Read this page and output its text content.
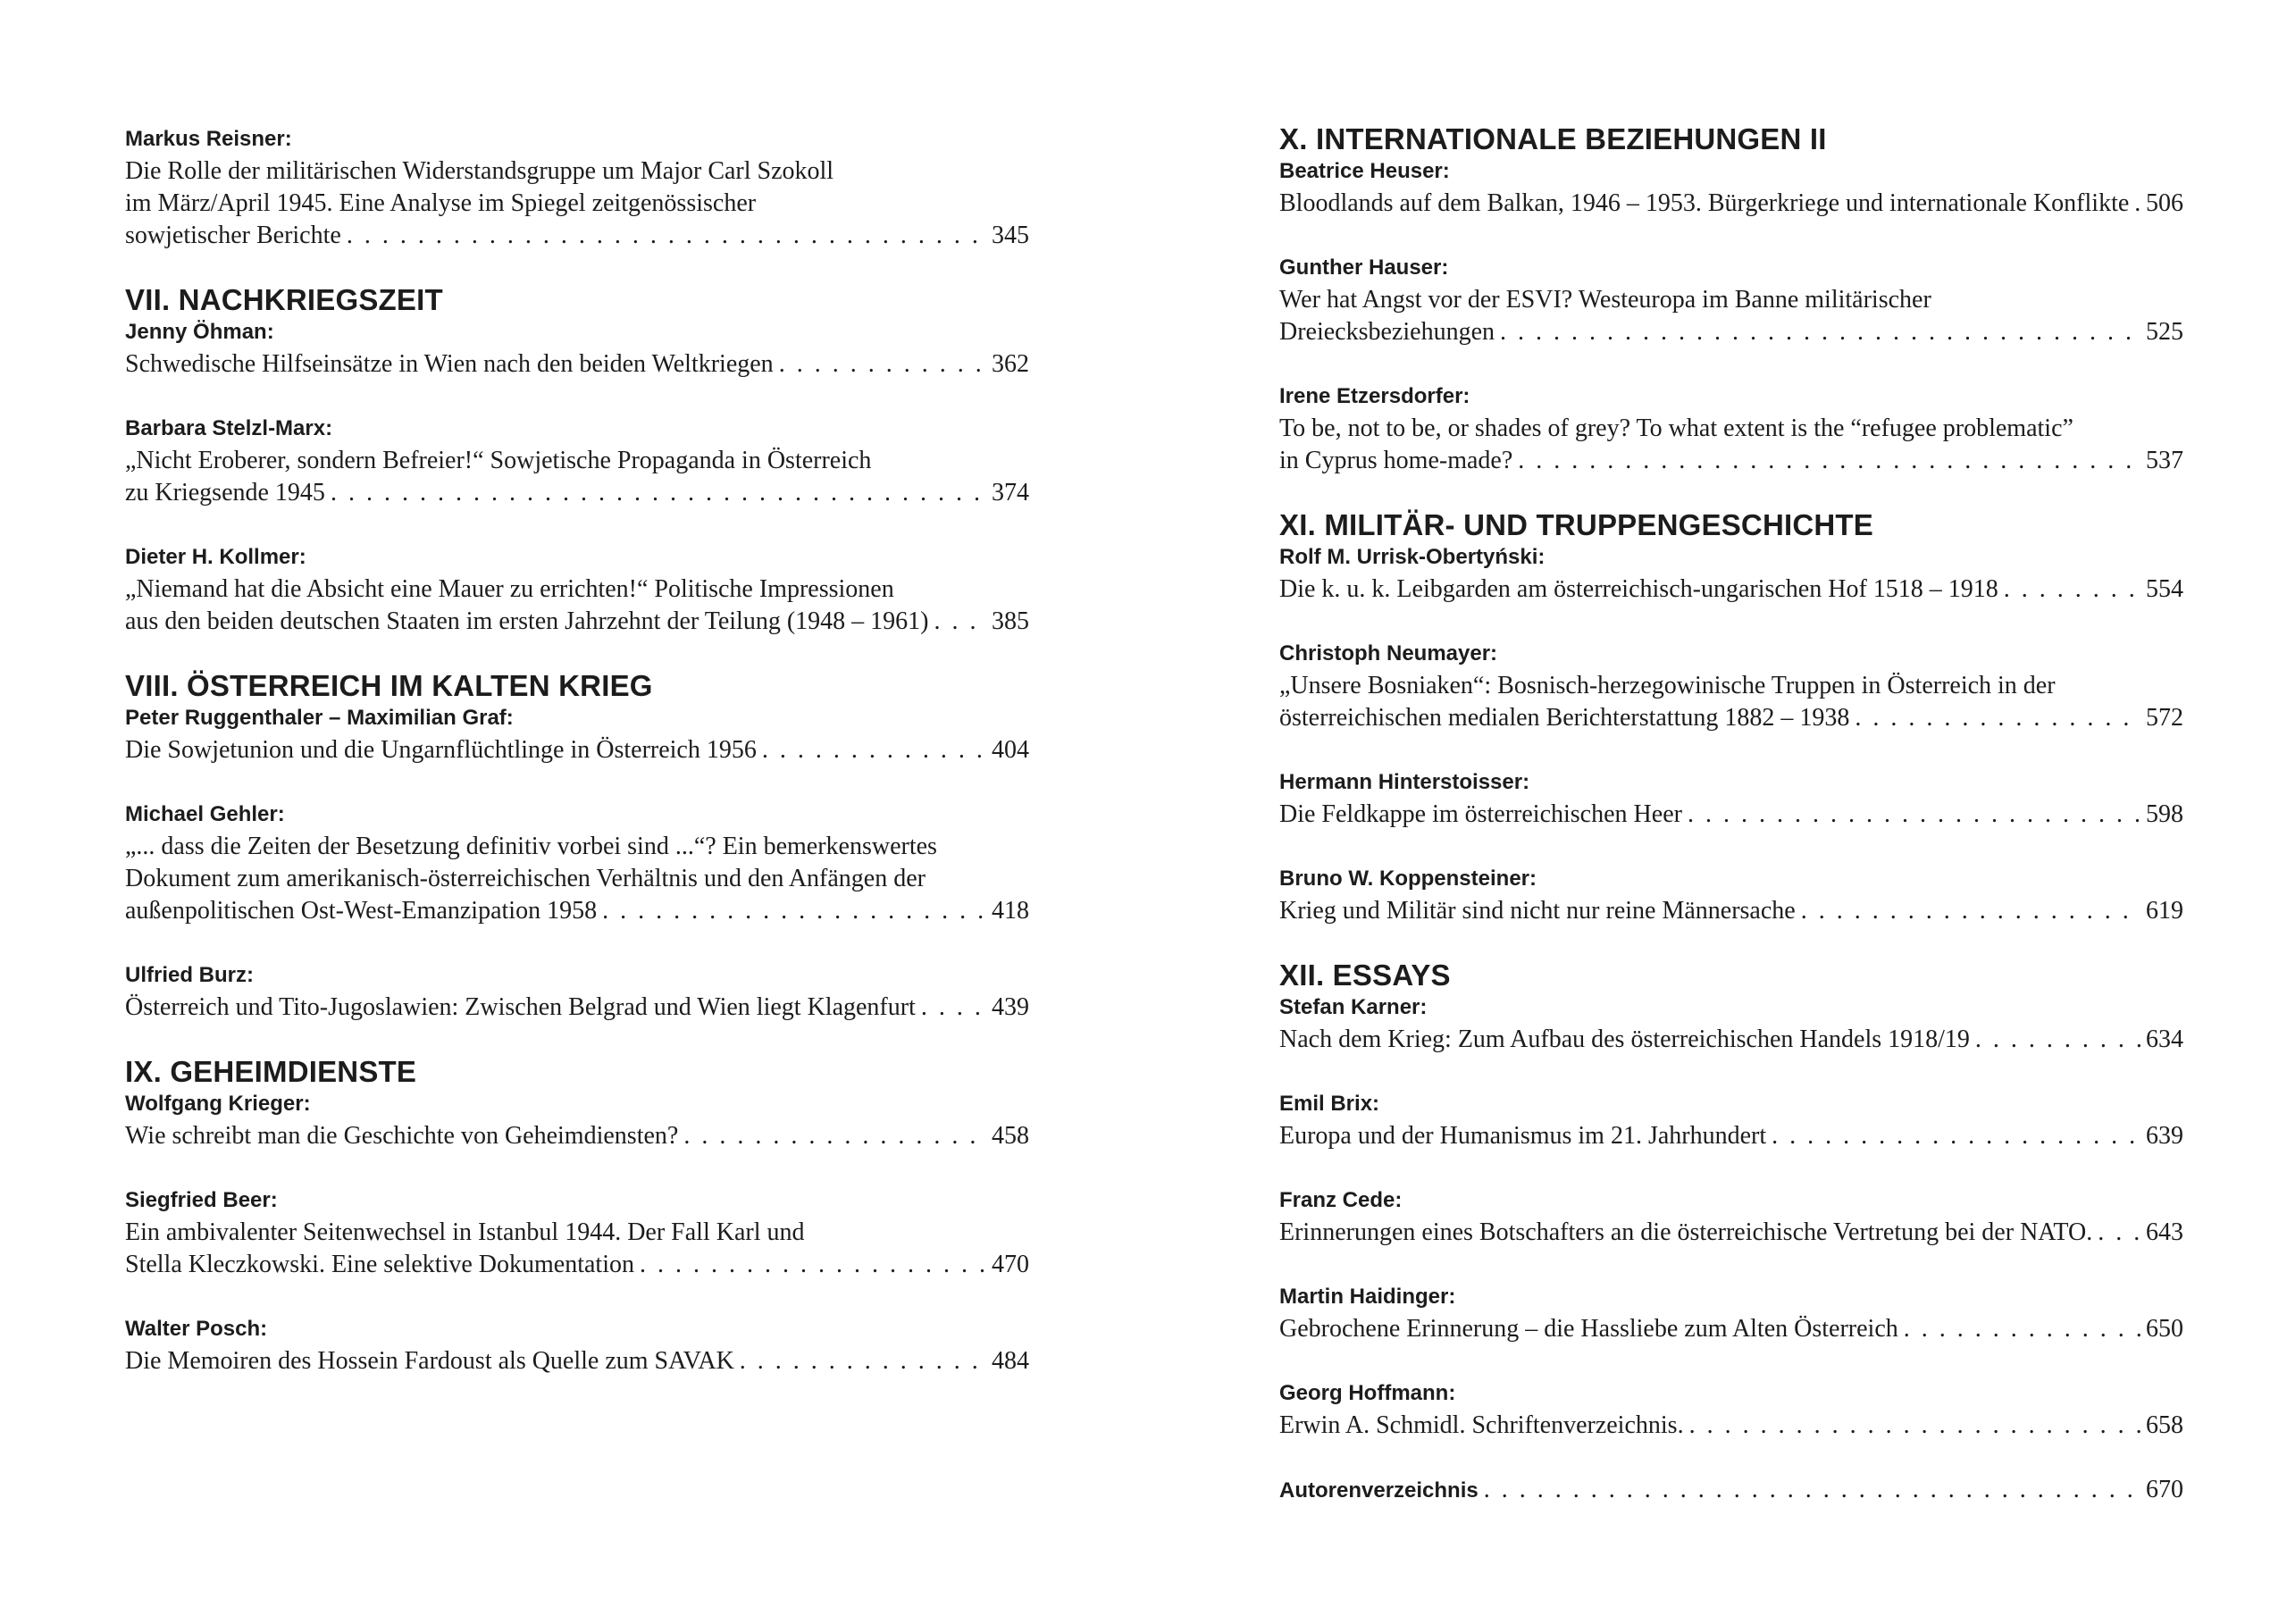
Markus Reisner:
Die Rolle der militärischen Widerstandsgruppe um Major Carl Szokoll
im März/April 1945. Eine Analyse im Spiegel zeitgenössischer
sowjetischer Berichte . . .	345
VII. NACHKRIEGSZEIT
Jenny Öhman:
Schwedische Hilfseinsätze in Wien nach den beiden Weltkriegen . . .	362
Barbara Stelzl-Marx:
„Nicht Eroberer, sondern Befreier!“ Sowjetische Propaganda in Österreich
zu Kriegsende 1945 . . .	374
Dieter H. Kollmer:
„Niemand hat die Absicht eine Mauer zu errichten!“ Politische Impressionen
aus den beiden deutschen Staaten im ersten Jahrzehnt der Teilung (1948 – 1961) . . .	385
VIII. ÖSTERREICH IM KALTEN KRIEG
Peter Ruggenthaler – Maximilian Graf:
Die Sowjetunion und die Ungarnflüchtlinge in Österreich 1956 . . .	404
Michael Gehler:
„... dass die Zeiten der Besetzung definitiv vorbei sind ...“? Ein bemerkenswertes
Dokument zum amerikanisch-österreichischen Verhältnis und den Anfängen der
außenpolitischen Ost-West-Emanzipation 1958 . . .	418
Ulfried Burz:
Österreich und Tito-Jugoslawien: Zwischen Belgrad und Wien liegt Klagenfurt . . .	439
IX. GEHEIMDIENSTE
Wolfgang Krieger:
Wie schreibt man die Geschichte von Geheimdiensten? . . .	458
Siegfried Beer:
Ein ambivalenter Seitenwechsel in Istanbul 1944. Der Fall Karl und
Stella Kleczkowski. Eine selektive Dokumentation . . .	470
Walter Posch:
Die Memoiren des Hossein Fardoust als Quelle zum SAVAK . . .	484
X. INTERNATIONALE BEZIEHUNGEN II
Beatrice Heuser:
Bloodlands auf dem Balkan, 1946 – 1953. Bürgerkriege und internationale Konflikte . . . 506
Gunther Hauser:
Wer hat Angst vor der ESVI? Westeuropa im Banne militärischer
Dreiecksbeziehungen . . .	525
Irene Etzersdorfer:
To be, not to be, or shades of grey? To what extent is the “refugee problematic”
in Cyprus home-made? . . .	537
XI. MILITÄR- UND TRUPPENGESCHICHTE
Rolf M. Urrisk-Obertyński:
Die k. u. k. Leibgarden am österreichisch-ungarischen Hof 1518 – 1918 . . .	554
Christoph Neumayer:
„Unsere Bosniaken“: Bosnisch-herzegowinische Truppen in Österreich in der
österreichischen medialen Berichterstattung 1882 – 1938 . . .	572
Hermann Hinterstoisser:
Die Feldkappe im österreichischen Heer . . .	598
Bruno W. Koppensteiner:
Krieg und Militär sind nicht nur reine Männersache . . .	619
XII. ESSAYS
Stefan Karner:
Nach dem Krieg: Zum Aufbau des österreichischen Handels 1918/19 . . .	634
Emil Brix:
Europa und der Humanismus im 21. Jahrhundert . . .	639
Franz Cede:
Erinnerungen eines Botschafters an die österreichische Vertretung bei der NATO. . . . 643
Martin Haidinger:
Gebrochene Erinnerung – die Hassliebe zum Alten Österreich . . .	650
Georg Hoffmann:
Erwin A. Schmidl. Schriftenverzeichnis. . . .	658
Autorenverzeichnis . . .	670
